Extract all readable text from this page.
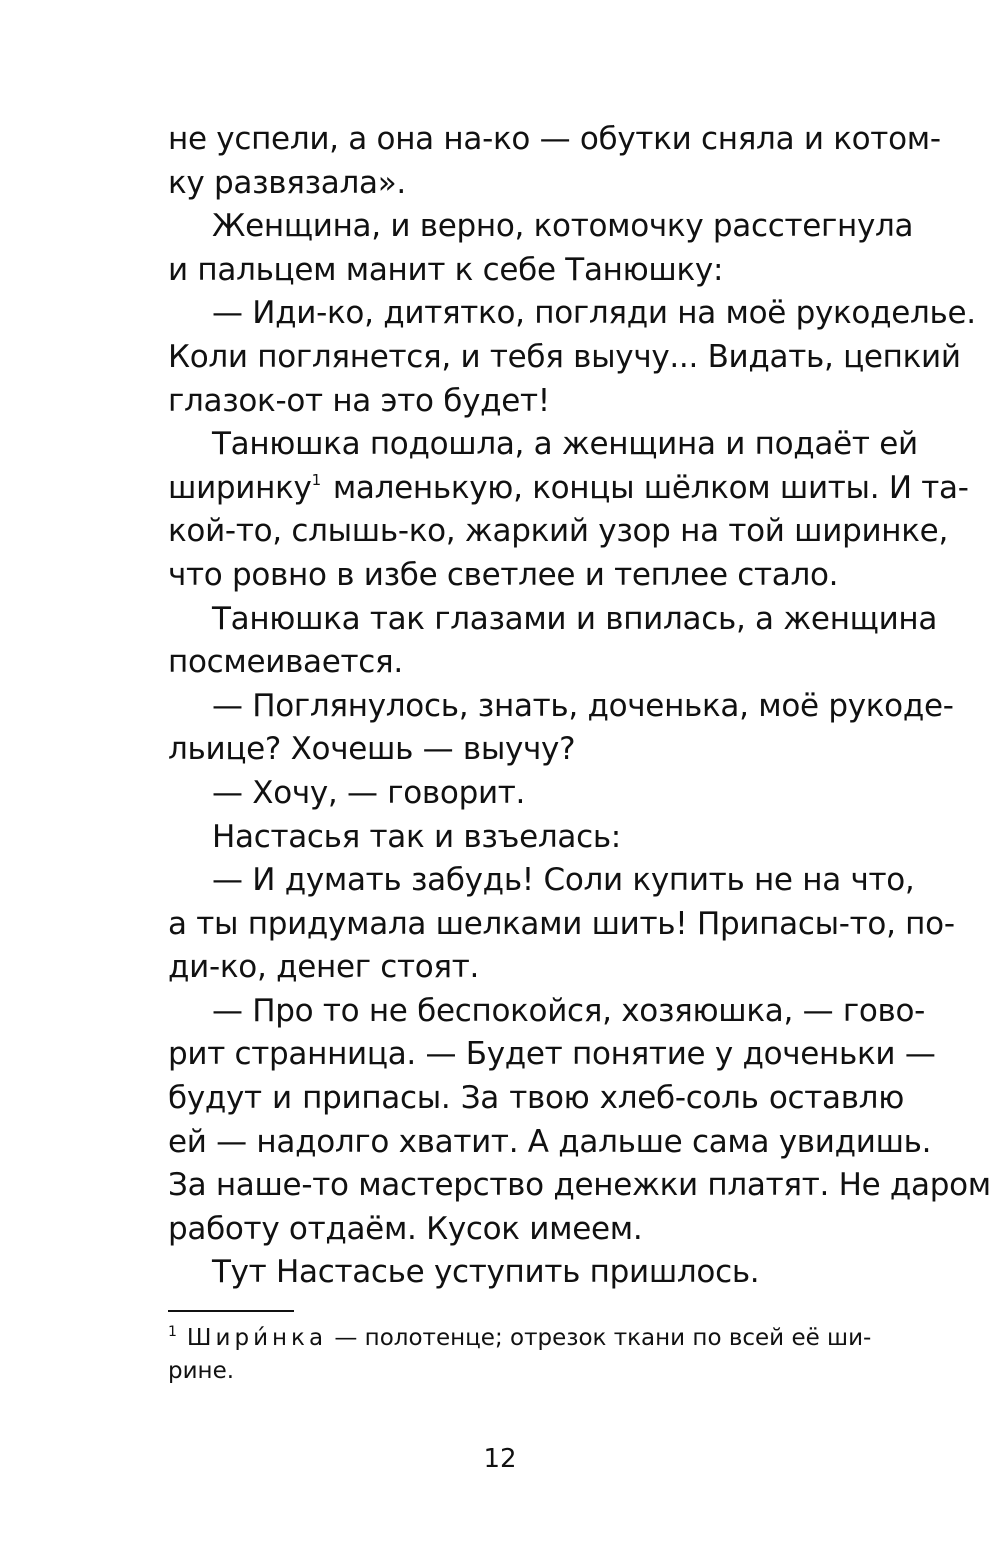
не успели, а она на-ко — обутки сняла и котом-
ку развязала».
Женщина, и верно, котомочку расстегнула
и пальцем манит к себе Танюшку:
— Иди-ко, дитятко, погляди на моё рукоделье.
Коли поглянется, и тебя выучу... Видать, цепкий
глазок-от на это будет!
Танюшка подошла, а женщина и подаёт ей
ширинку$^1$ маленькую, концы шёлком шиты. И та-
кой-то, слышь-ко, жаркий узор на той ширинке,
что ровно в избе светлее и теплее стало.
Танюшка так глазами и впилась, а женщина
посмеивается.
— Поглянулось, знать, доченька, моё рукоде-
льице? Хочешь — выучу?
— Хочу, — говорит.
Настасья так и взъелась:
— И думать забудь! Соли купить не на что,
а ты придумала шелками шить! Припасы-то, по-
ди-ко, денег стоят.
— Про то не беспокойся, хозяюшка, — гово-
рит странница. — Будет понятие у доченьки —
будут и припасы. За твою хлеб-соль оставлю
ей — надолго хватит. А дальше сама увидишь.
За наше-то мастерство денежки платят. Не даром
работу отдаём. Кусок имеем.
Тут Настасье уступить пришлось.
$^1$ Шири́нка — полотенце; отрезок ткани по всей её ши-
рине.
12
